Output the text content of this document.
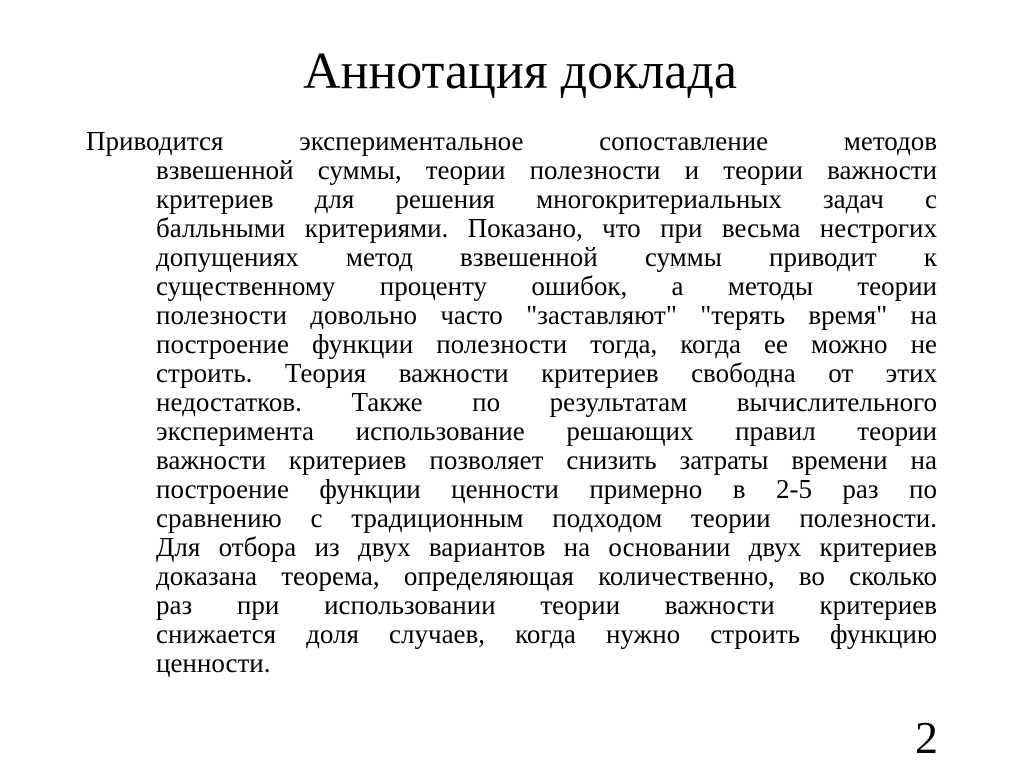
Аннотация доклада
Приводится экспериментальное сопоставление методов
взвешенной суммы, теории полезности и теории важности
критериев для решения многокритериальных задач с
балльными критериями. Показано, что при весьма нестрогих
допущениях метод взвешенной суммы приводит к
существенному проценту ошибок, а методы теории
полезности довольно часто "заставляют" "терять время" на
построение функции полезности тогда, когда ее можно не
строить. Теория важности критериев свободна от этих
недостатков. Также по результатам вычислительного
эксперимента использование решающих правил теории
важности критериев позволяет снизить затраты времени на
построение функции ценности примерно в 2-5 раз по
сравнению с традиционным подходом теории полезности.
Для отбора из двух вариантов на основании двух критериев
доказана теорема, определяющая количественно, во сколько
раз при использовании теории важности критериев
снижается доля случаев, когда нужно строить функцию
ценности.
2
